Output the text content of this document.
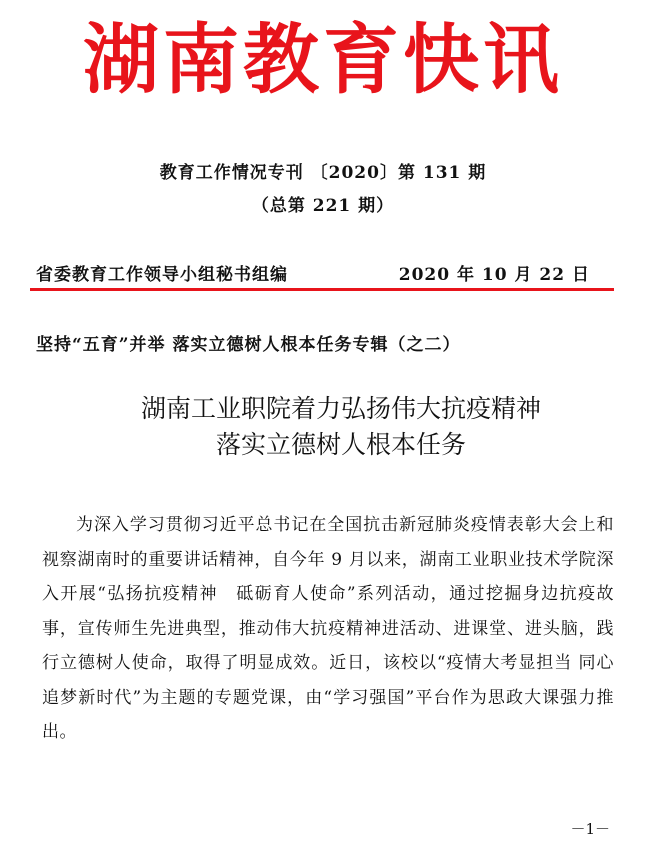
湖南教育快讯
教育工作情况专刊 〔2020〕第 131 期
（总第 221 期）
省委教育工作领导小组秘书组编	2020 年 10 月 22 日
坚持“五育”并举 落实立德树人根本任务专辑（之二）
湖南工业职院着力弘扬伟大抗疫精神
落实立德树人根本任务
为深入学习贯彻习近平总书记在全国抗击新冠肺炎疫情表彰大会上和视察湖南时的重要讲话精神，自今年 9 月以来，湖南工业职业技术学院深入开展“弘扬抗疫精神　砥砺育人使命”系列活动，通过挖掘身边抗疫故事，宣传师生先进典型，推动伟大抗疫精神进活动、进课堂、进头脑，践行立德树人使命，取得了明显成效。近日，该校以“疫情大考显担当 同心追梦新时代”为主题的专题党课，由“学习强国”平台作为思政大课强力推出。
－1－
